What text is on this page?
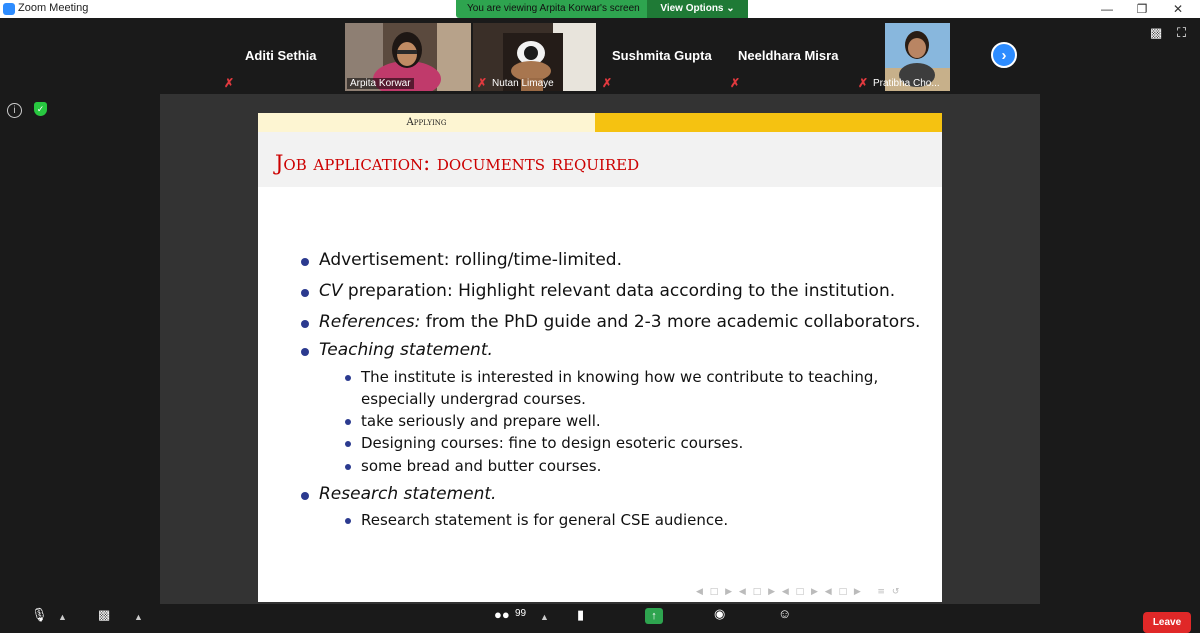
Zoom Meeting	You are viewing Arpita Korwar's screen	View Options ⌄	—	❐	✕
Aditi Sethia
✗	Arpita Korwar	✗ Nutan Limaye
Sushmita Gupta
✗
Neeldhara Misra
✗	✗ Pratibha Cho...
›
▩ ⛶
i	✓
Applying
Job application: documents required
Advertisement: rolling/time-limited.
CV preparation: Highlight relevant data according to the institution.
References: from the PhD guide and 2-3 more academic collaborators.
Teaching statement.
The institute is interested in knowing how we contribute to teaching,
especially undergrad courses.
take seriously and prepare well.
Designing courses: fine to design esoteric courses.
some bread and butter courses.
Research statement.
Research statement is for general CSE audience.
◀ □ ▶ ◀ □ ▶ ◀ □ ▶ ◀ □ ▶   ≡ ↺
🎙 ▲ ▩	▲	●● 99 ▲ ▮	↑	◉	☺
Leave
